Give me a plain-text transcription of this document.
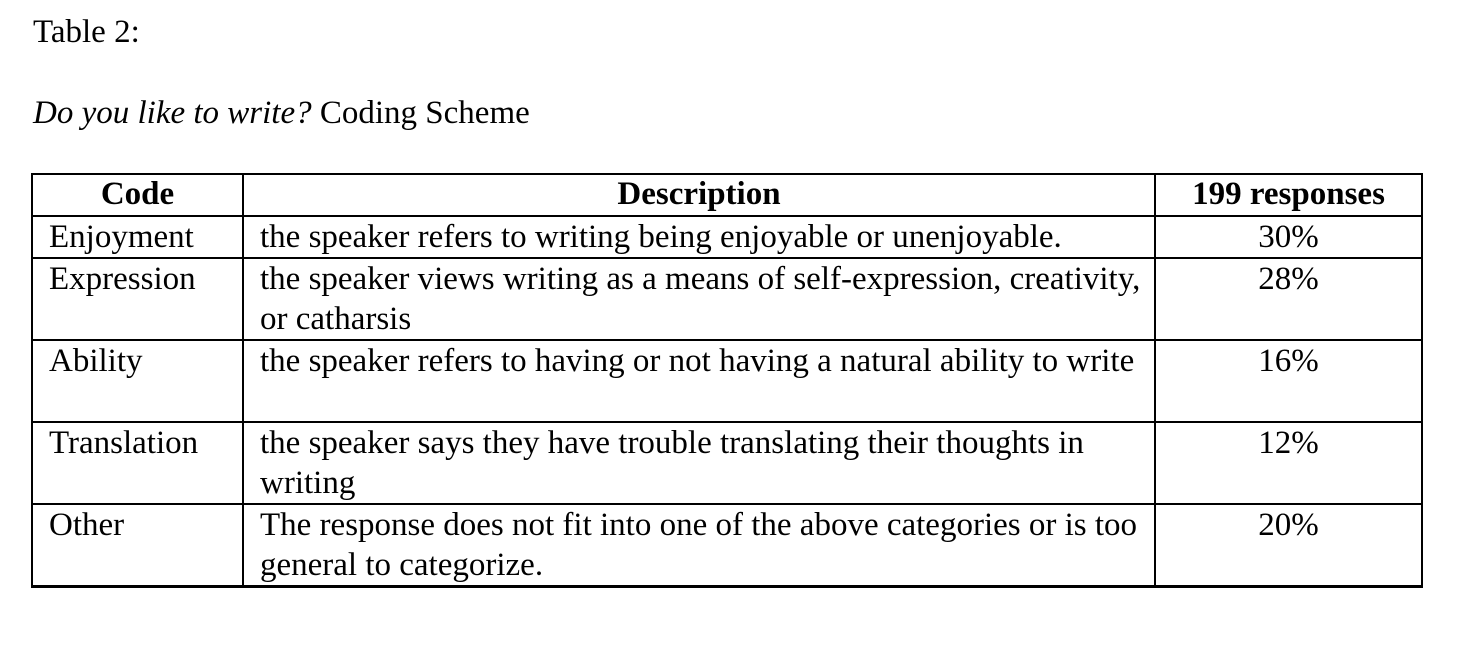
Table 2:
Do you like to write? Coding Scheme
Code	Description	199 responses
Enjoyment	the speaker refers to writing being enjoyable or unenjoyable.	30%
Expression	the speaker views writing as a means of self-expression, creativity, or catharsis	28%
Ability	the speaker refers to having or not having a natural ability to write	16%
Translation	the speaker says they have trouble translating their thoughts in writing	12%
Other	The response does not fit into one of the above categories or is too general to categorize.	20%
